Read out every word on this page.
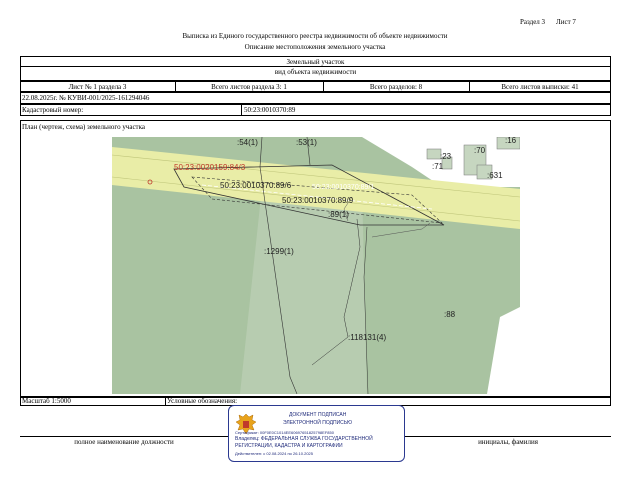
Раздел 3 Лист 7
Выписка из Единого государственного реестра недвижимости об объекте недвижимости
Описание местоположения земельного участка
Земельный участок
вид объекта недвижимости
Лист № 1 раздела 3	Всего листов раздела 3: 1	Всего разделов: 8	Всего листов выписки: 41
22.08.2025г. № КУВИ-001/2025-161294046
Кадастровый номер:	50:23:0010370:89
План (чертеж, схема) земельного участка
:54(1)	:53(1)
:23
:70
:16
:71
:631
50:23:0020159:84/3
50:23:0010370:89/1
50:23:0010370:89/6
50:23:0010370:89/9
:89(1)
:1299(1)
:88
:118131(4)
Масштаб 1:5000	Условные обозначения:
полное наименование должности	инициалы, фамилия
ДОКУМЕНТ ПОДПИСАН
ЭЛЕКТРОННОЙ ПОДПИСЬЮ
Сертификат: 00F0E0C1014EE60697651825798EF850
Владелец: ФЕДЕРАЛЬНАЯ СЛУЖБА ГОСУДАРСТВЕННОЙ
РЕГИСТРАЦИИ, КАДАСТРА И КАРТОГРАФИИ
Действителен: с 02.08.2024 по 26.10.2025
